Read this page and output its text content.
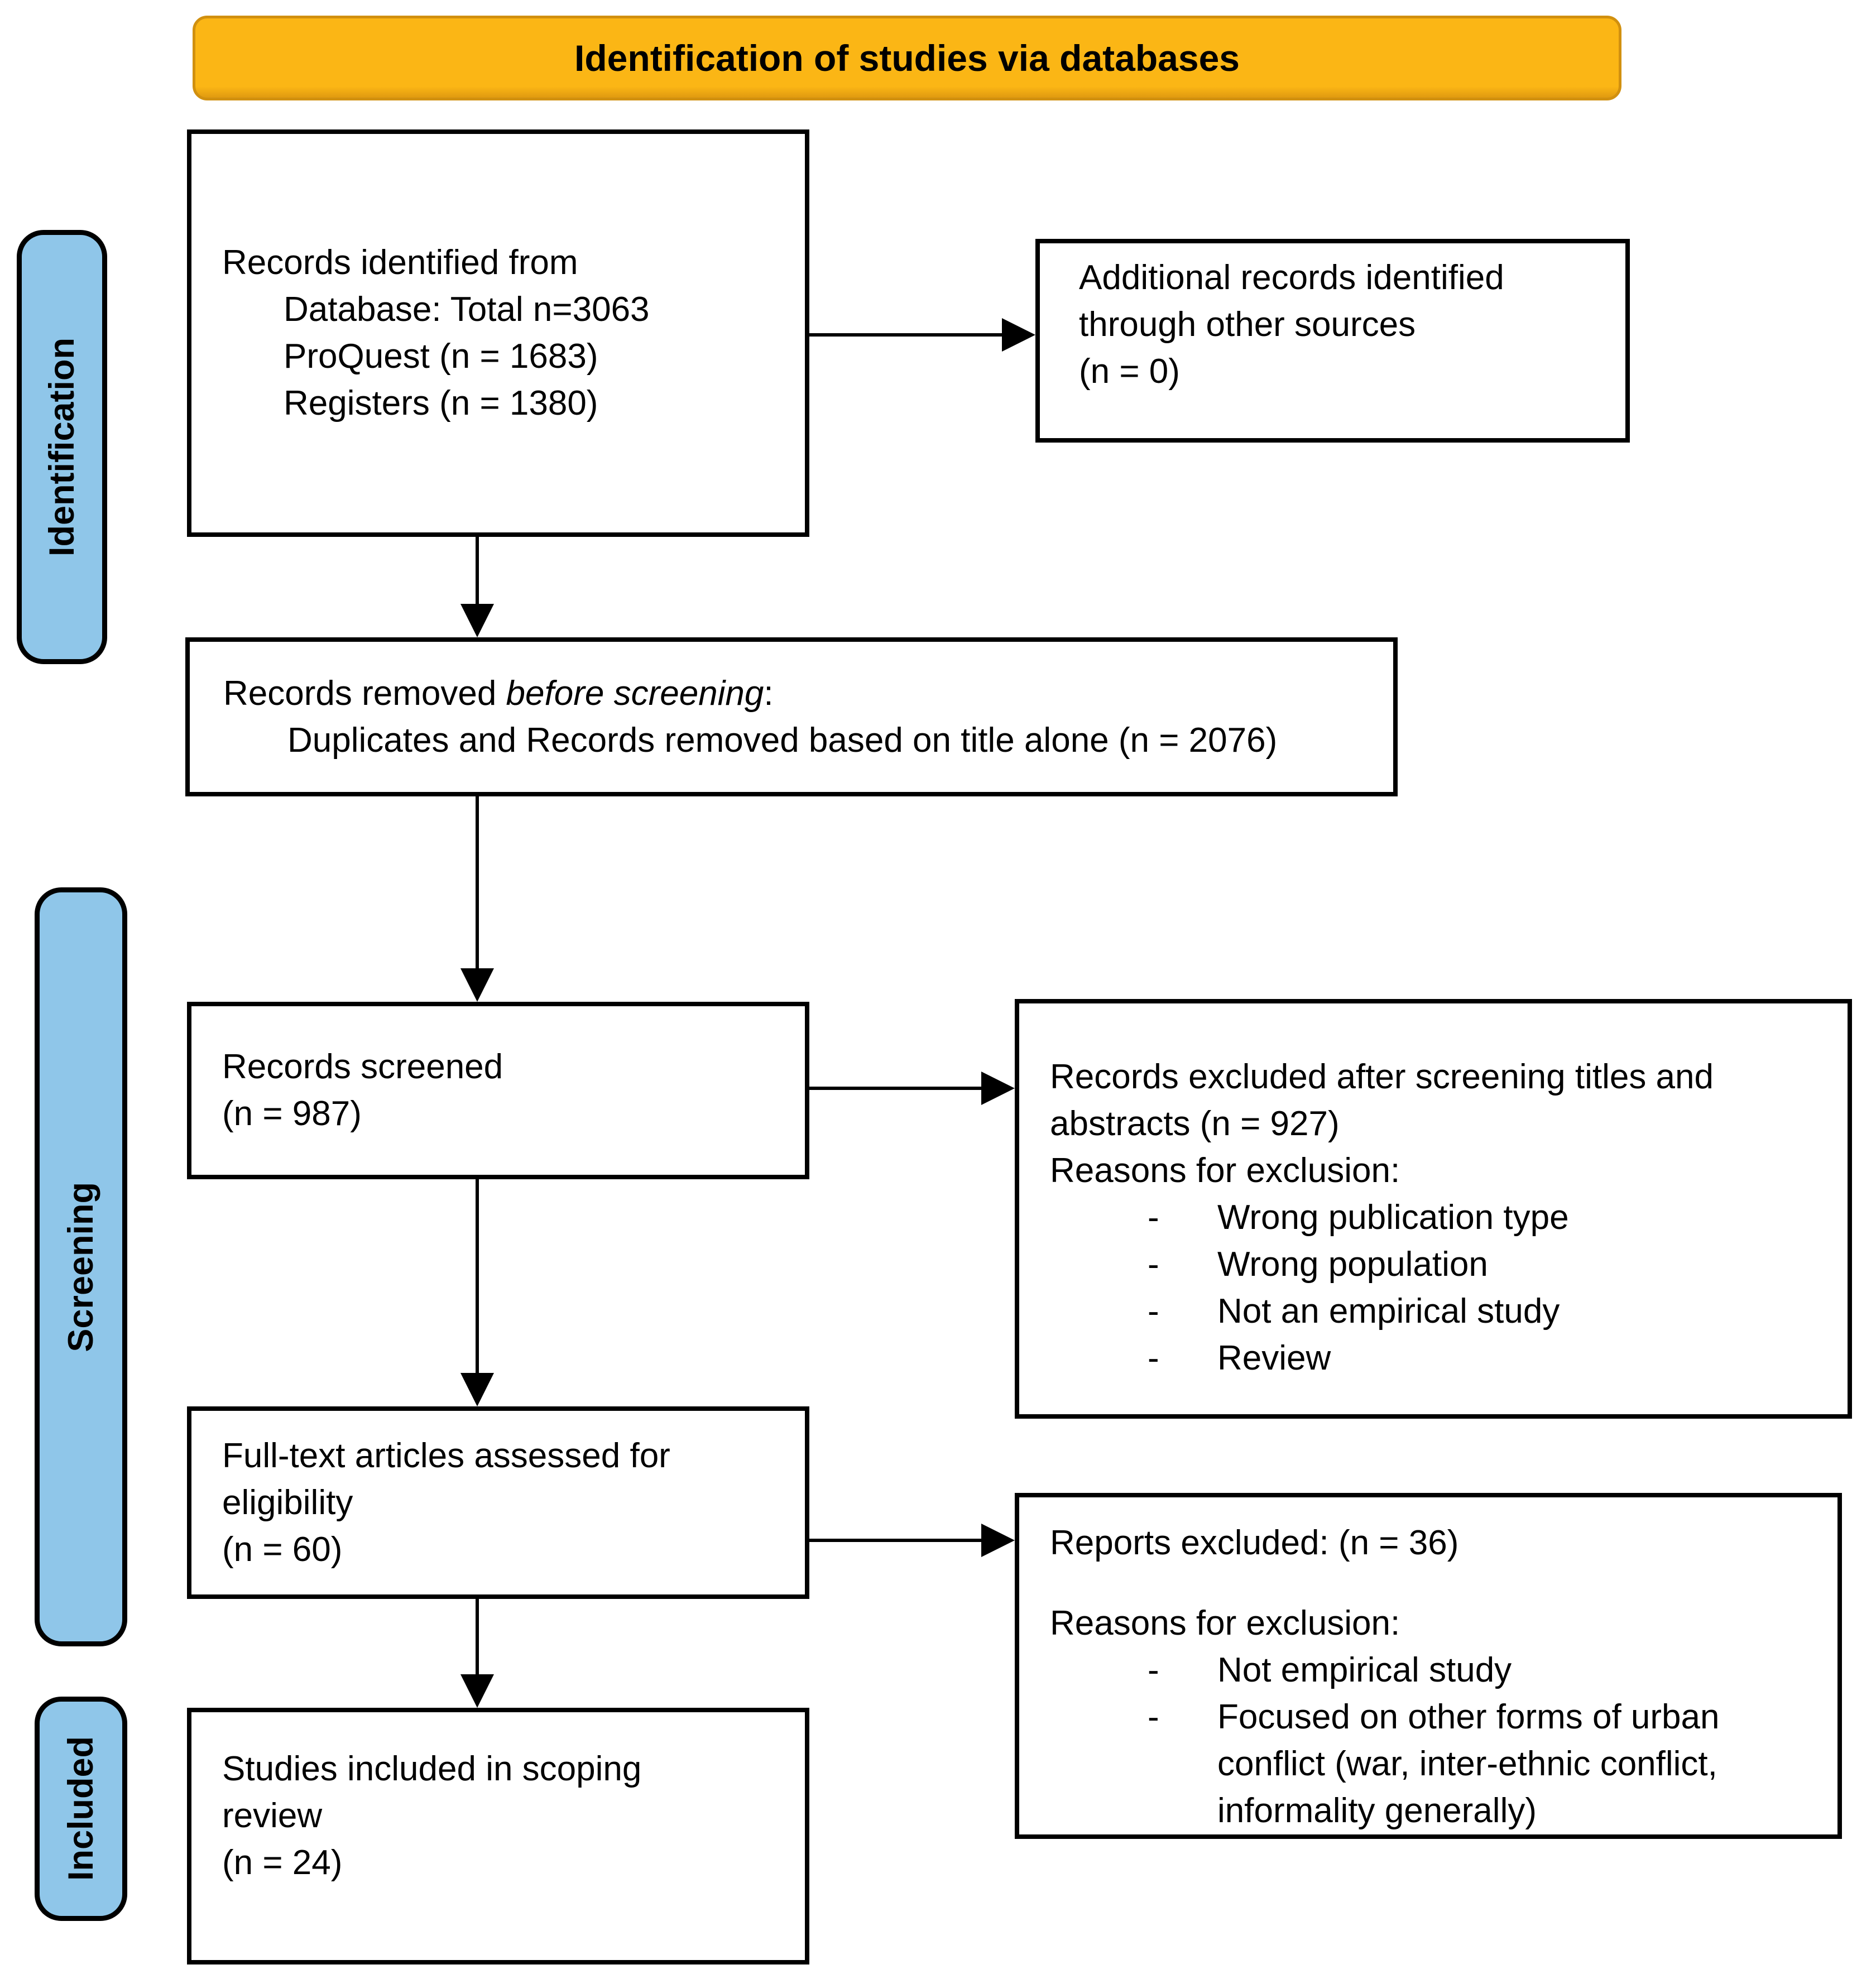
Identification of studies via databases
Identification
Screening
Included
Records identified from
Database: Total n=3063
ProQuest (n = 1683)
Registers (n = 1380)
Additional records identified
through other sources
(n = 0)
Records removed before screening:
Duplicates and Records removed based on title alone (n = 2076)
Records screened
(n = 987)
Records excluded after screening titles and abstracts (n = 927)
Reasons for exclusion:
-	Wrong publication type
-	Wrong population
-	Not an empirical study
-	Review
Full-text articles assessed for
eligibility
(n = 60)	Reports excluded: (n = 36)
Reasons for exclusion:
-	Not empirical study
-	Focused on other forms of urban conflict (war, inter-ethnic conflict, informality generally)
Studies included in scoping
review
(n = 24)
